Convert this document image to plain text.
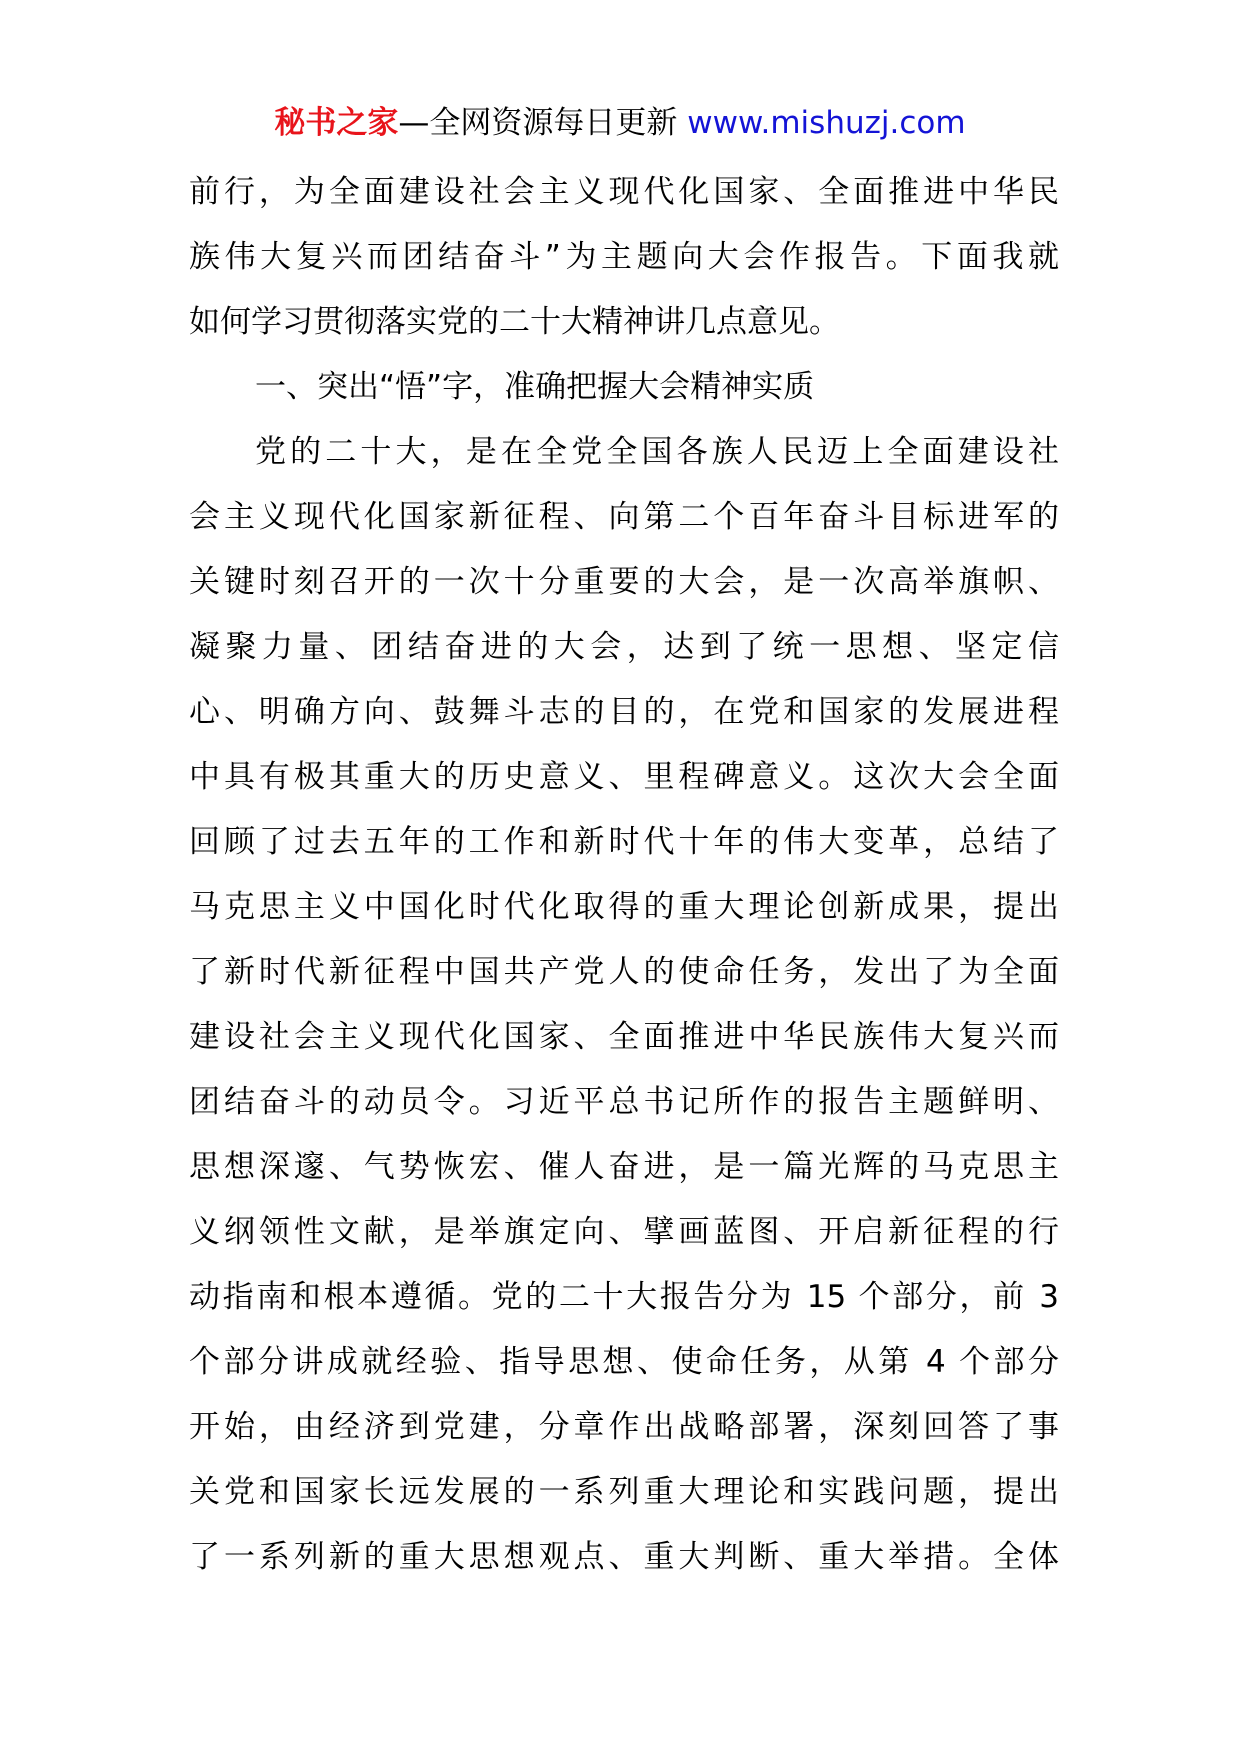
秘书之家—全网资源每日更新 www.mishuzj.com
前行，为全面建设社会主义现代化国家、全面推进中华民
族伟大复兴而团结奋斗”为主题向大会作报告。下面我就
如何学习贯彻落实党的二十大精神讲几点意见。
一、突出“悟”字，准确把握大会精神实质
党的二十大，是在全党全国各族人民迈上全面建设社
会主义现代化国家新征程、向第二个百年奋斗目标进军的
关键时刻召开的一次十分重要的大会，是一次高举旗帜、
凝聚力量、团结奋进的大会，达到了统一思想、坚定信
心、明确方向、鼓舞斗志的目的，在党和国家的发展进程
中具有极其重大的历史意义、里程碑意义。这次大会全面
回顾了过去五年的工作和新时代十年的伟大变革，总结了
马克思主义中国化时代化取得的重大理论创新成果，提出
了新时代新征程中国共产党人的使命任务，发出了为全面
建设社会主义现代化国家、全面推进中华民族伟大复兴而
团结奋斗的动员令。习近平总书记所作的报告主题鲜明、
思想深邃、气势恢宏、催人奋进，是一篇光辉的马克思主
义纲领性文献，是举旗定向、擘画蓝图、开启新征程的行
动指南和根本遵循。党的二十大报告分为 15 个部分，前 3
个部分讲成就经验、指导思想、使命任务，从第 4 个部分
开始，由经济到党建，分章作出战略部署，深刻回答了事
关党和国家长远发展的一系列重大理论和实践问题，提出
了一系列新的重大思想观点、重大判断、重大举措。全体
